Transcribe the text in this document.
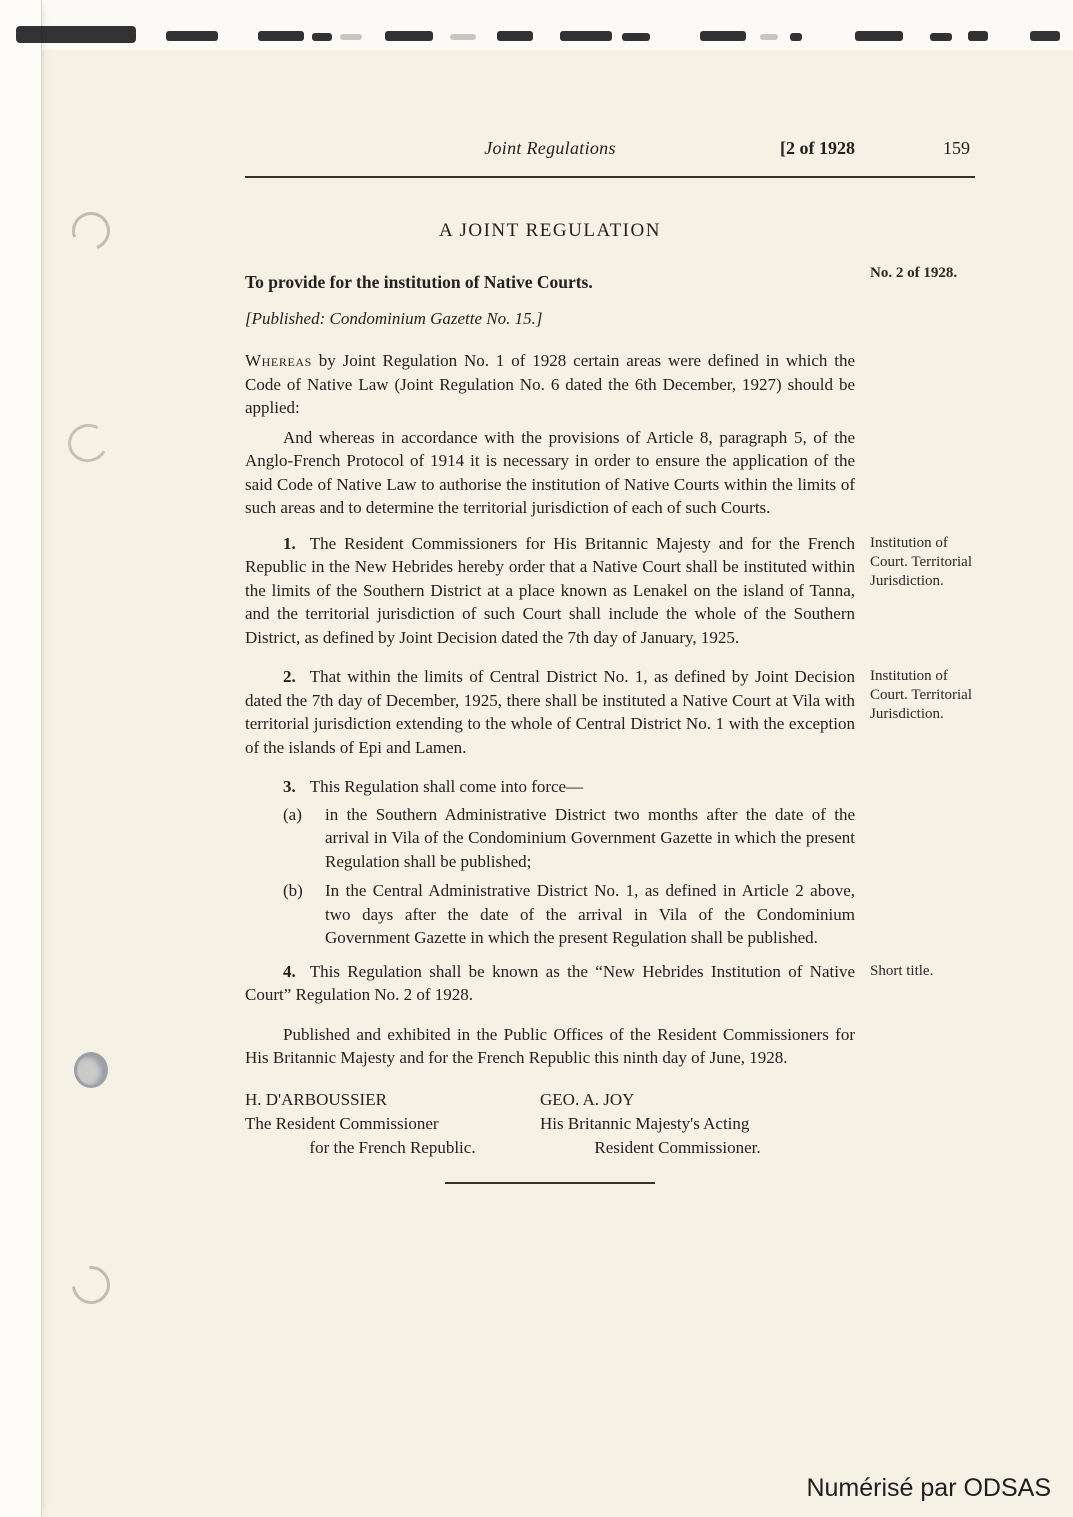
Joint Regulations	[2 of 1928	159
A JOINT REGULATION
No. 2 of 1928.

To provide for the institution of Native Courts.

[Published: Condominium Gazette No. 15.]

Whereas by Joint Regulation No. 1 of 1928 certain areas were defined in which the Code of Native Law (Joint Regulation No. 6 dated the 6th December, 1927) should be applied:

And whereas in accordance with the provisions of Article 8, paragraph 5, of the Anglo-French Protocol of 1914 it is necessary in order to ensure the application of the said Code of Native Law to authorise the institution of Native Courts within the limits of such areas and to determine the territorial jurisdiction of each of such Courts.

1. The Resident Commissioners for His Britannic Majesty and for the French Republic in the New Hebrides hereby order that a Native Court shall be instituted within the limits of the Southern District at a place known as Lenakel on the island of Tanna, and the territorial jurisdiction of such Court shall include the whole of the Southern District, as defined by Joint Decision dated the 7th day of January, 1925.

Institution of Court. Territorial Jurisdiction.

2. That within the limits of Central District No. 1, as defined by Joint Decision dated the 7th day of December, 1925, there shall be instituted a Native Court at Vila with territorial jurisdiction extending to the whole of Central District No. 1 with the exception of the islands of Epi and Lamen.

Institution of Court. Territorial Jurisdiction.

3. This Regulation shall come into force—

(a)	in the Southern Administrative District two months after the date of the arrival in Vila of the Condominium Government Gazette in which the present Regulation shall be published;
(b)	In the Central Administrative District No. 1, as defined in Article 2 above, two days after the date of the arrival in Vila of the Condominium Government Gazette in which the present Regulation shall be published.

4. This Regulation shall be known as the “New Hebrides Institution of Native Court” Regulation No. 2 of 1928.

Short title.

Published and exhibited in the Public Offices of the Resident Commissioners for His Britannic Majesty and for the French Republic this ninth day of June, 1928.

H. D'ARBOUSSIER
The Resident Commissioner
for the French Republic.
GEO. A. JOY
His Britannic Majesty's Acting
Resident Commissioner.
Numérisé par ODSAS
